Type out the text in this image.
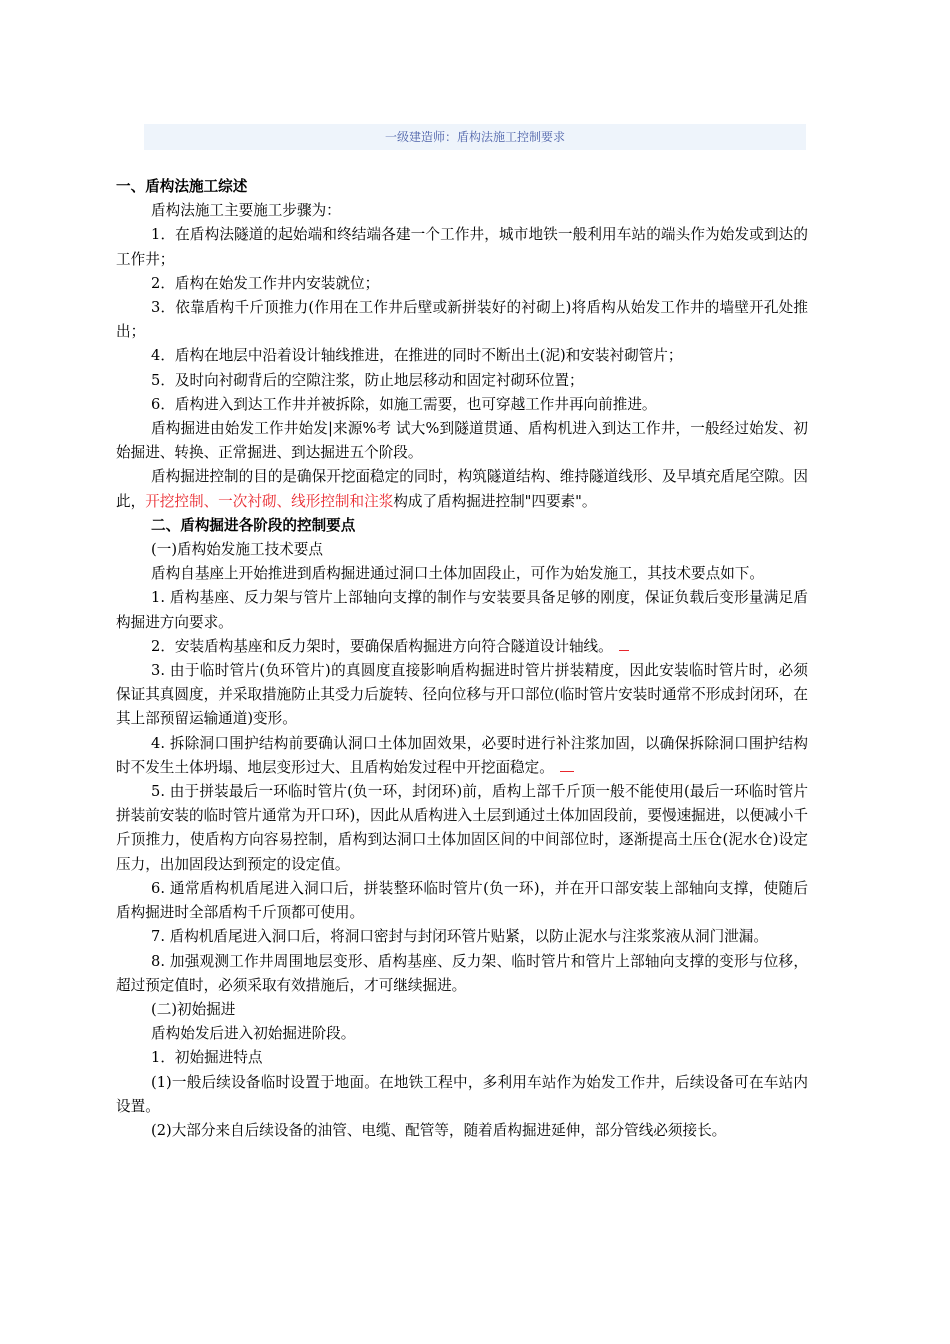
一级建造师：盾构法施工控制要求

一、盾构法施工综述

盾构法施工主要施工步骤为：

1．在盾构法隧道的起始端和终结端各建一个工作井，城市地铁一般利用车站的端头作为始发或到达的工作井；

2．盾构在始发工作井内安装就位；

3．依靠盾构千斤顶推力(作用在工作井后壁或新拼装好的衬砌上)将盾构从始发工作井的墙壁开孔处推出；

4．盾构在地层中沿着设计轴线推进，在推进的同时不断出土(泥)和安装衬砌管片；

5．及时向衬砌背后的空隙注浆，防止地层移动和固定衬砌环位置；

6．盾构进入到达工作井并被拆除，如施工需要，也可穿越工作井再向前推进。

盾构掘进由始发工作井始发|来源%考 试大%到隧道贯通、盾构机进入到达工作井，一般经过始发、初始掘进、转换、正常掘进、到达掘进五个阶段。

盾构掘进控制的目的是确保开挖面稳定的同时，构筑隧道结构、维持隧道线形、及早填充盾尾空隙。因此，开挖控制、一次衬砌、线形控制和注浆构成了盾构掘进控制"四要素"。

二、盾构掘进各阶段的控制要点

(一)盾构始发施工技术要点

盾构自基座上开始推进到盾构掘进通过洞口土体加固段止，可作为始发施工，其技术要点如下。

1. 盾构基座、反力架与管片上部轴向支撑的制作与安装要具备足够的刚度，保证负载后变形量满足盾构掘进方向要求。

2．安装盾构基座和反力架时，要确保盾构掘进方向符合隧道设计轴线。

3. 由于临时管片(负环管片)的真圆度直接影响盾构掘进时管片拼装精度，因此安装临时管片时，必须保证其真圆度，并采取措施防止其受力后旋转、径向位移与开口部位(临时管片安装时通常不形成封闭环，在其上部预留运输通道)变形。

4. 拆除洞口围护结构前要确认洞口土体加固效果，必要时进行补注浆加固，以确保拆除洞口围护结构时不发生土体坍塌、地层变形过大、且盾构始发过程中开挖面稳定。

5. 由于拼装最后一环临时管片(负一环，封闭环)前，盾构上部千斤顶一般不能使用(最后一环临时管片拼装前安装的临时管片通常为开口环)，因此从盾构进入土层到通过土体加固段前，要慢速掘进，以便减小千斤顶推力，使盾构方向容易控制，盾构到达洞口土体加固区间的中间部位时，逐渐提高土压仓(泥水仓)设定压力，出加固段达到预定的设定值。

6. 通常盾构机盾尾进入洞口后，拼装整环临时管片(负一环)，并在开口部安装上部轴向支撑，使随后盾构掘进时全部盾构千斤顶都可使用。

7. 盾构机盾尾进入洞口后，将洞口密封与封闭环管片贴紧，以防止泥水与注浆浆液从洞门泄漏。

8. 加强观测工作井周围地层变形、盾构基座、反力架、临时管片和管片上部轴向支撑的变形与位移，超过预定值时，必须采取有效措施后，才可继续掘进。

(二)初始掘进

盾构始发后进入初始掘进阶段。

1．初始掘进特点

(1)一般后续设备临时设置于地面。在地铁工程中，多利用车站作为始发工作井，后续设备可在车站内设置。

(2)大部分来自后续设备的油管、电缆、配管等，随着盾构掘进延伸，部分管线必须接长。
